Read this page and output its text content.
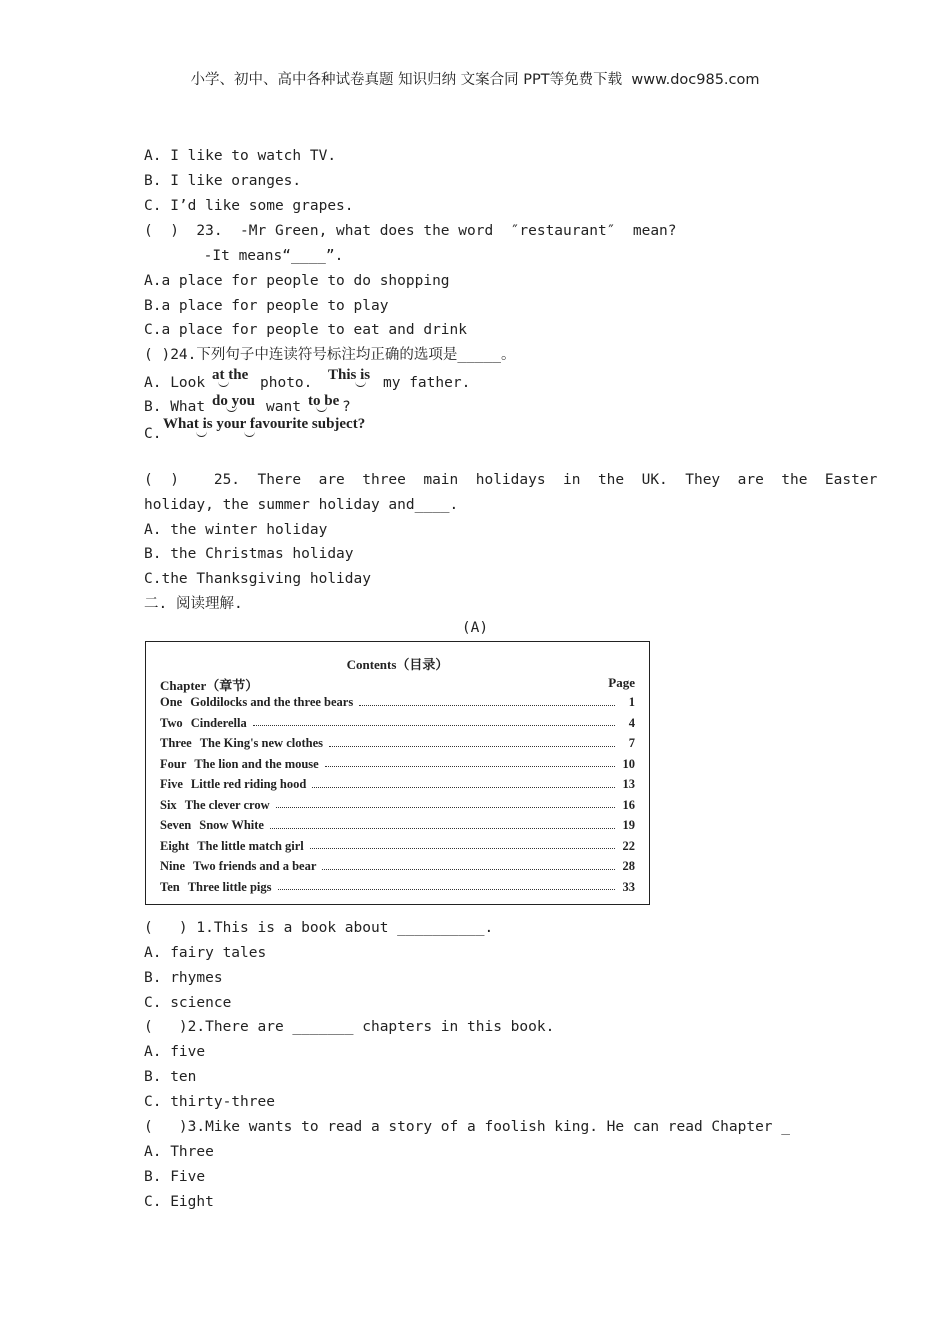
小学、初中、高中各种试卷真题 知识归纳 文案合同 PPT等免费下载  www.doc985.com
A. I like to watch TV.
B. I like oranges.
C. I’d like some grapes.
(  )  23.  -Mr Green, what does the word  ″restaurant″  mean?
-It means“____”.
A.a place for people to do shopping
B.a place for people to play
C.a place for people to eat and drink
( )24.下列句子中连读符号标注均正确的选项是_____。
A. Look at the photo. This is my father.
B. What do you want to be ?
C.
What is your favourite subject?
(  )    25.  There  are  three  main  holidays  in  the  UK.  They  are  the  Easter
holiday, the summer holiday and____.
A. the winter holiday
B. the Christmas holiday
C.the Thanksgiving holiday
二. 阅读理解.
(A)
Contents（目录）
Chapter（章节）	Page
One Goldilocks and the three bears	1
Two Cinderella	4
Three The King's new clothes	7
Four The lion and the mouse	10
Five Little red riding hood	13
Six The clever crow	16
Seven Snow White	19
Eight The little match girl	22
Nine Two friends and a bear	28
Ten Three little pigs	33
(   ) 1.This is a book about __________.
A. fairy tales
B. rhymes
C. science
(   )2.There are _______ chapters in this book.
A. five
B. ten
C. thirty-three
(   )3.Mike wants to read a story of a foolish king. He can read Chapter _
A. Three
B. Five
C. Eight
